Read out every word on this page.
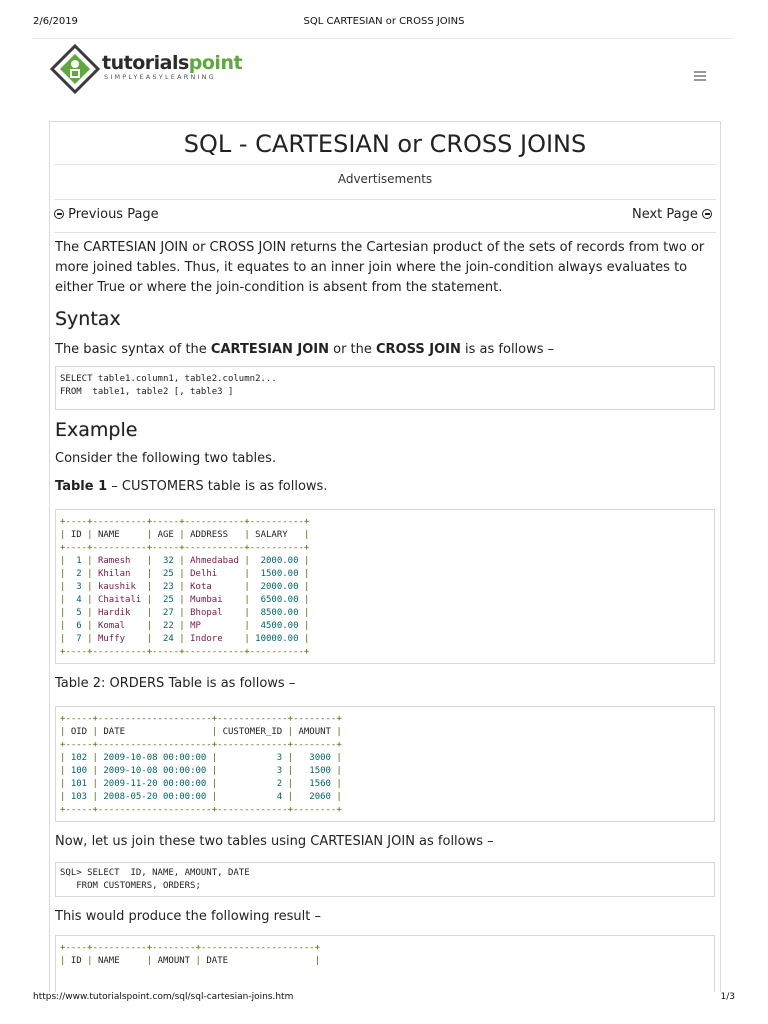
2/6/2019	SQL CARTESIAN or CROSS JOINS
tutorialspoint
SIMPLYEASYLEARNING
SQL - CARTESIAN or CROSS JOINS
Advertisements
Previous Page	Next Page

The CARTESIAN JOIN or CROSS JOIN returns the Cartesian product of the sets of records from two or more joined tables. Thus, it equates to an inner join where the join-condition always evaluates to either True or where the join-condition is absent from the statement.

Syntax

The basic syntax of the CARTESIAN JOIN or the CROSS JOIN is as follows –

SELECT table1.column1, table2.column2...
FROM  table1, table2 [, table3 ]
Example

Consider the following two tables.

Table 1 – CUSTOMERS table is as follows.

+----+----------+-----+-----------+----------+
| ID | NAME     | AGE | ADDRESS   | SALARY   |
+----+----------+-----+-----------+----------+
|  1 | Ramesh   |  32 | Ahmedabad |  2000.00 |
|  2 | Khilan   |  25 | Delhi     |  1500.00 |
|  3 | kaushik  |  23 | Kota      |  2000.00 |
|  4 | Chaitali |  25 | Mumbai    |  6500.00 |
|  5 | Hardik   |  27 | Bhopal    |  8500.00 |
|  6 | Komal    |  22 | MP        |  4500.00 |
|  7 | Muffy    |  24 | Indore    | 10000.00 |
+----+----------+-----+-----------+----------+

Table 2: ORDERS Table is as follows –

+-----+---------------------+-------------+--------+
| OID | DATE                | CUSTOMER_ID | AMOUNT |
+-----+---------------------+-------------+--------+
| 102 | 2009-10-08 00:00:00 |           3 |   3000 |
| 100 | 2009-10-08 00:00:00 |           3 |   1500 |
| 101 | 2009-11-20 00:00:00 |           2 |   1560 |
| 103 | 2008-05-20 00:00:00 |           4 |   2060 |
+-----+---------------------+-------------+--------+

Now, let us join these two tables using CARTESIAN JOIN as follows –

SQL> SELECT  ID, NAME, AMOUNT, DATE
FROM CUSTOMERS, ORDERS;

This would produce the following result –

+----+----------+--------+---------------------+
| ID | NAME     | AMOUNT | DATE                |
https://www.tutorialspoint.com/sql/sql-cartesian-joins.htm	1/3
